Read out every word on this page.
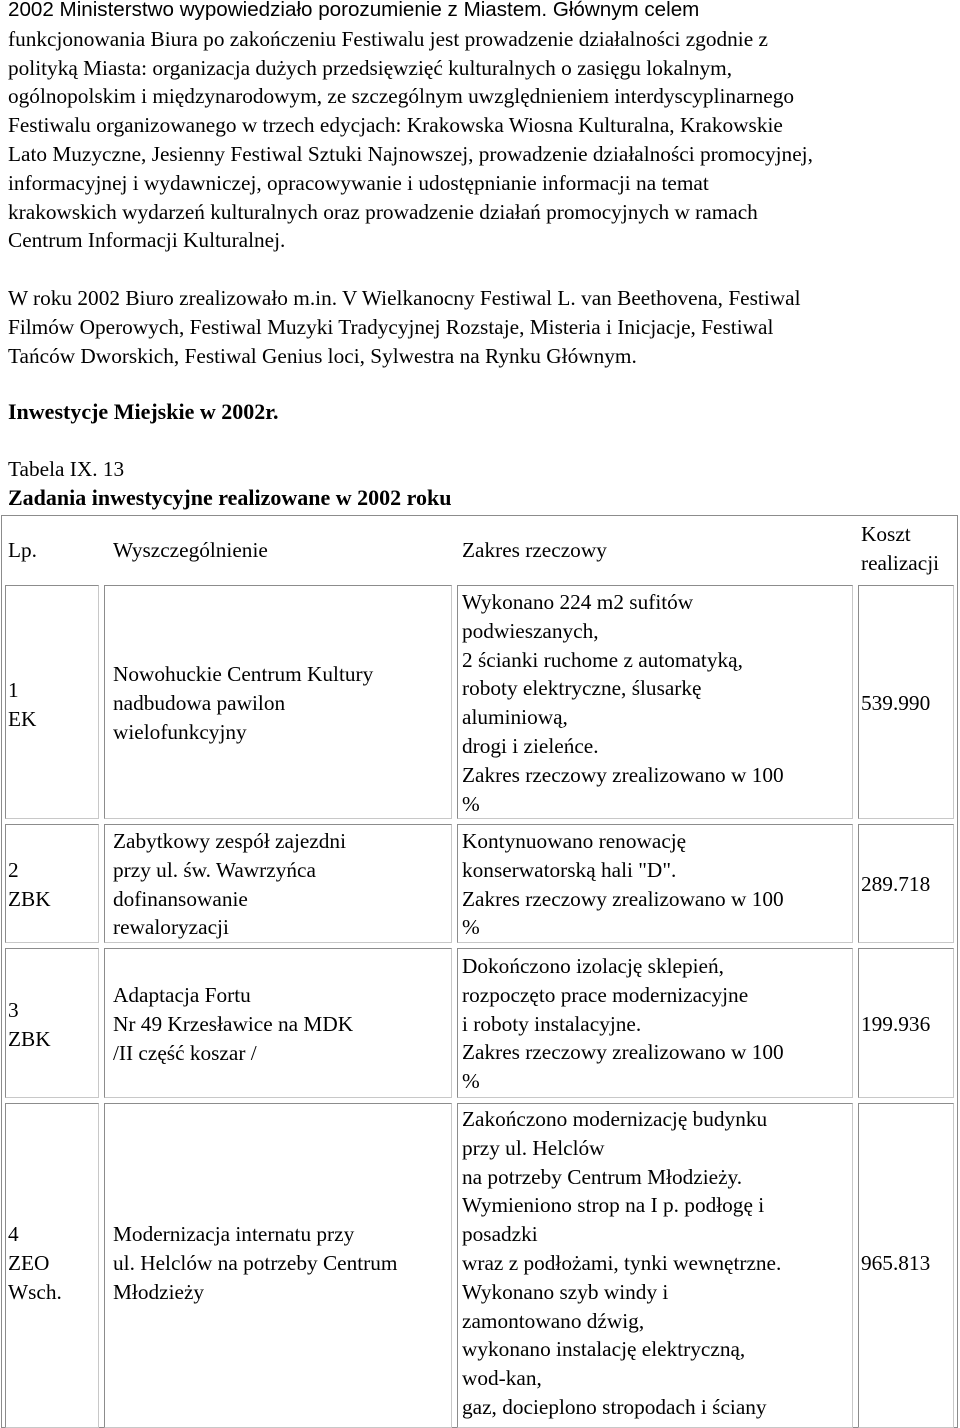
2002 Ministerstwo wypowiedziało porozumienie z Miastem. Głównym celem
funkcjonowania Biura po zakończeniu Festiwalu jest prowadzenie działalności zgodnie z
polityką Miasta: organizacja dużych przedsięwzięć kulturalnych o zasięgu lokalnym,
ogólnopolskim i międzynarodowym, ze szczególnym uwzględnieniem interdyscyplinarnego
Festiwalu organizowanego w trzech edycjach: Krakowska Wiosna Kulturalna, Krakowskie
Lato Muzyczne, Jesienny Festiwal Sztuki Najnowszej, prowadzenie działalności promocyjnej,
informacyjnej i wydawniczej, opracowywanie i udostępnianie informacji na temat
krakowskich wydarzeń kulturalnych oraz prowadzenie działań promocyjnych w ramach
Centrum Informacji Kulturalnej.
W roku 2002 Biuro zrealizowało m.in. V Wielkanocny Festiwal L. van Beethovena, Festiwal
Filmów Operowych, Festiwal Muzyki Tradycyjnej Rozstaje, Misteria i Inicjacje, Festiwal
Tańców Dworskich, Festiwal Genius loci, Sylwestra na Rynku Głównym.
Inwestycje Miejskie w 2002r.
Tabela IX. 13
Zadania inwestycyjne realizowane w 2002 roku
Lp.	Wyszczególnienie	Zakres rzeczowy
Koszt
realizacji
1
EK
Nowohuckie Centrum Kultury
nadbudowa pawilon
wielofunkcyjny
Wykonano 224 m2 sufitów
podwieszanych,
2 ścianki ruchome z automatyką,
roboty elektryczne, ślusarkę
aluminiową,
drogi i zieleńce.
Zakres rzeczowy zrealizowano w 100
%
539.990
2
ZBK
Zabytkowy zespół zajezdni
przy ul. św. Wawrzyńca
dofinansowanie
rewaloryzacji
Kontynuowano renowację
konserwatorską hali "D".
Zakres rzeczowy zrealizowano w 100
%
289.718
3
ZBK
Adaptacja Fortu
Nr 49 Krzesławice na MDK
/II część koszar /
Dokończono izolację sklepień,
rozpoczęto prace modernizacyjne
i roboty instalacyjne.
Zakres rzeczowy zrealizowano w 100
%
199.936
4
ZEO
Wsch.
Modernizacja internatu przy
ul. Helclów na potrzeby Centrum
Młodzieży
Zakończono modernizację budynku
przy ul. Helclów
na potrzeby Centrum Młodzieży.
Wymieniono strop na I p. podłogę i
posadzki
wraz z podłożami, tynki wewnętrzne.
Wykonano szyb windy i
zamontowano dźwig,
wykonano instalację elektryczną,
wod-kan,
gaz, docieplono stropodach i ściany
965.813
